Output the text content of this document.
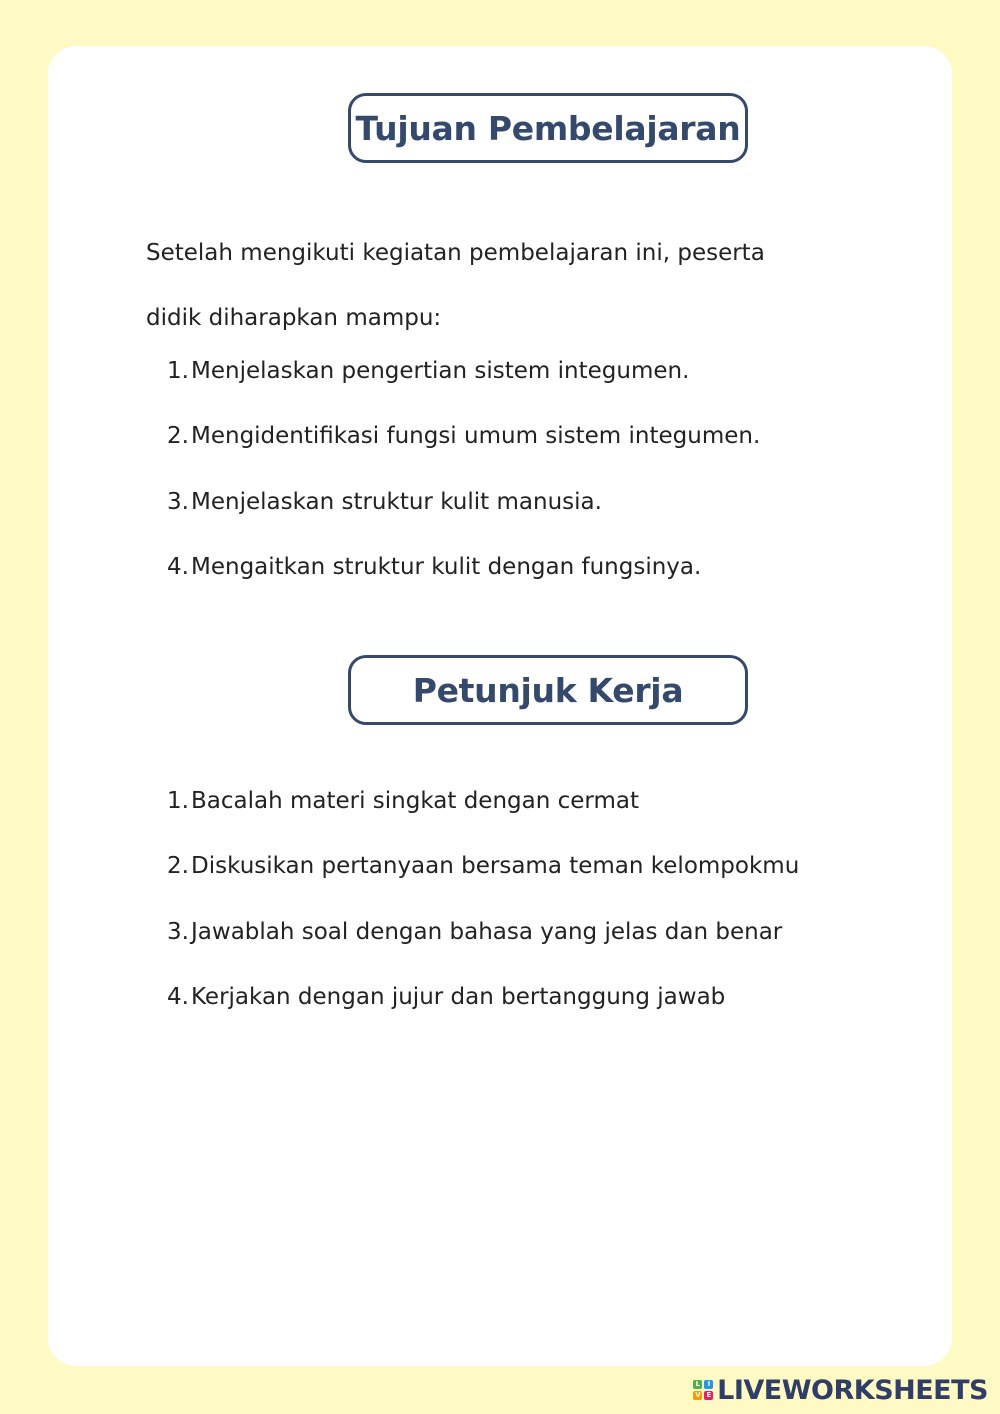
Tujuan Pembelajaran

Setelah mengikuti kegiatan pembelajaran ini, peserta
didik diharapkan mampu:

1. Menjelaskan pengertian sistem integumen.
2. Mengidentifikasi fungsi umum sistem integumen.
3. Menjelaskan struktur kulit manusia.
4. Mengaitkan struktur kulit dengan fungsinya.
Petunjuk Kerja
1. Bacalah materi singkat dengan cermat
2. Diskusikan pertanyaan bersama teman kelompokmu
3. Jawablah soal dengan bahasa yang jelas dan benar
4. Kerjakan dengan jujur dan bertanggung jawab
L	I
V E LIVEWORKSHEETS
